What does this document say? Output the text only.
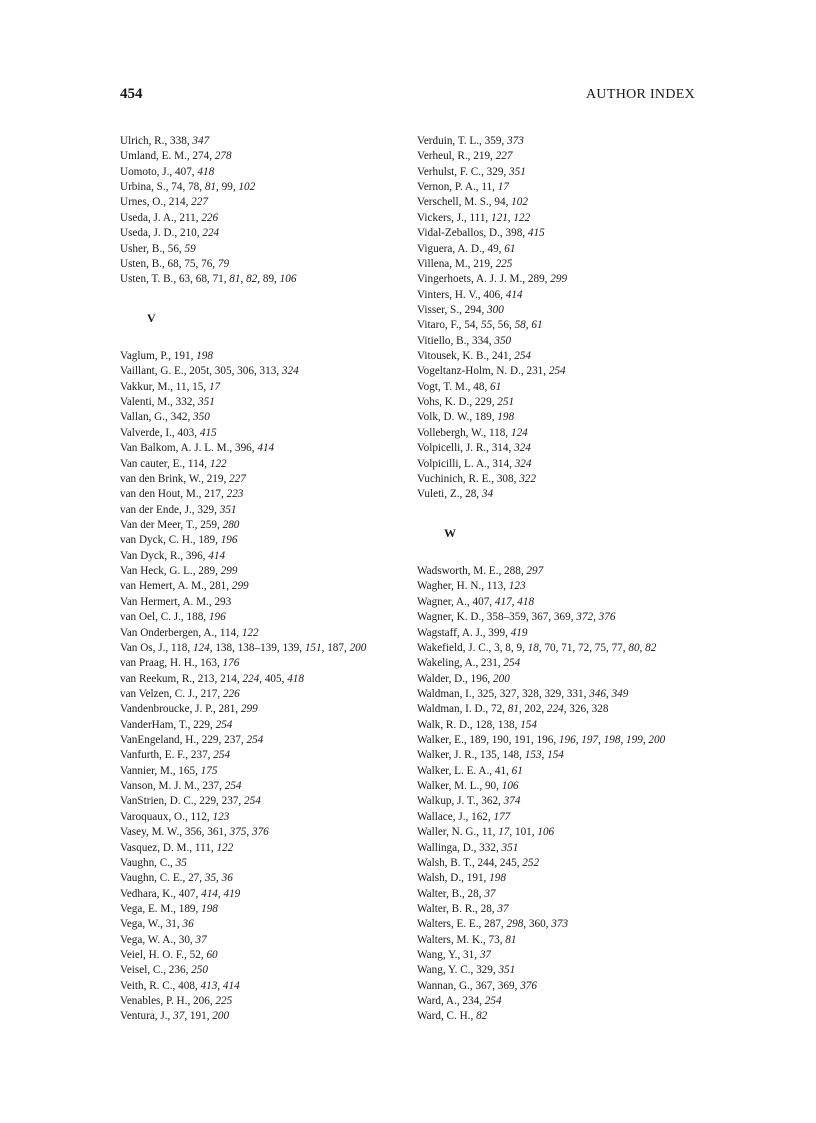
454	AUTHOR INDEX
Ulrich, R., 338, 347
Umland, E. M., 274, 278
Uomoto, J., 407, 418
Urbina, S., 74, 78, 81, 99, 102
Urnes, O., 214, 227
Useda, J. A., 211, 226
Useda, J. D., 210, 224
Usher, B., 56, 59
Usten, B., 68, 75, 76, 79
Usten, T. B., 63, 68, 71, 81, 82, 89, 106
V
Vaglum, P., 191, 198
Vaillant, G. E., 205t, 305, 306, 313, 324
Vakkur, M., 11, 15, 17
Valenti, M., 332, 351
Vallan, G., 342, 350
Valverde, I., 403, 415
Van Balkom, A. J. L. M., 396, 414
Van cauter, E., 114, 122
van den Brink, W., 219, 227
van den Hout, M., 217, 223
van der Ende, J., 329, 351
Van der Meer, T., 259, 280
van Dyck, C. H., 189, 196
Van Dyck, R., 396, 414
Van Heck, G. L., 289, 299
van Hemert, A. M., 281, 299
Van Hermert, A. M., 293
van Oel, C. J., 188, 196
Van Onderbergen, A., 114, 122
Van Os, J., 118, 124, 138, 138–139, 139, 151, 187, 200
van Praag, H. H., 163, 176
van Reekum, R., 213, 214, 224, 405, 418
van Velzen, C. J., 217, 226
Vandenbroucke, J. P., 281, 299
VanderHam, T., 229, 254
VanEngeland, H., 229, 237, 254
Vanfurth, E. F., 237, 254
Vannier, M., 165, 175
Vanson, M. J. M., 237, 254
VanStrien, D. C., 229, 237, 254
Varoquaux, O., 112, 123
Vasey, M. W., 356, 361, 375, 376
Vasquez, D. M., 111, 122
Vaughn, C., 35
Vaughn, C. E., 27, 35, 36
Vedhara, K., 407, 414, 419
Vega, E. M., 189, 198
Vega, W., 31, 36
Vega, W. A., 30, 37
Veiel, H. O. F., 52, 60
Veisel, C., 236, 250
Veith, R. C., 408, 413, 414
Venables, P. H., 206, 225
Ventura, J., 37, 191, 200
Verduin, T. L., 359, 373
Verheul, R., 219, 227
Verhulst, F. C., 329, 351
Vernon, P. A., 11, 17
Verschell, M. S., 94, 102
Vickers, J., 111, 121, 122
Vidal-Zeballos, D., 398, 415
Viguera, A. D., 49, 61
Villena, M., 219, 225
Vingerhoets, A. J. J. M., 289, 299
Vinters, H. V., 406, 414
Visser, S., 294, 300
Vitaro, F., 54, 55, 56, 58, 61
Vitiello, B., 334, 350
Vitousek, K. B., 241, 254
Vogeltanz-Holm, N. D., 231, 254
Vogt, T. M., 48, 61
Vohs, K. D., 229, 251
Volk, D. W., 189, 198
Vollebergh, W., 118, 124
Volpicelli, J. R., 314, 324
Volpicilli, L. A., 314, 324
Vuchinich, R. E., 308, 322
Vuleti, Z., 28, 34
W
Wadsworth, M. E., 288, 297
Wagher, H. N., 113, 123
Wagner, A., 407, 417, 418
Wagner, K. D., 358–359, 367, 369, 372, 376
Wagstaff, A. J., 399, 419
Wakefield, J. C., 3, 8, 9, 18, 70, 71, 72, 75, 77, 80, 82
Wakeling, A., 231, 254
Walder, D., 196, 200
Waldman, I., 325, 327, 328, 329, 331, 346, 349
Waldman, I. D., 72, 81, 202, 224, 326, 328
Walk, R. D., 128, 138, 154
Walker, E., 189, 190, 191, 196, 196, 197, 198, 199, 200
Walker, J. R., 135, 148, 153, 154
Walker, L. E. A., 41, 61
Walker, M. L., 90, 106
Walkup, J. T., 362, 374
Wallace, J., 162, 177
Waller, N. G., 11, 17, 101, 106
Wallinga, D., 332, 351
Walsh, B. T., 244, 245, 252
Walsh, D., 191, 198
Walter, B., 28, 37
Walter, B. R., 28, 37
Walters, E. E., 287, 298, 360, 373
Walters, M. K., 73, 81
Wang, Y., 31, 37
Wang, Y. C., 329, 351
Wannan, G., 367, 369, 376
Ward, A., 234, 254
Ward, C. H., 82
